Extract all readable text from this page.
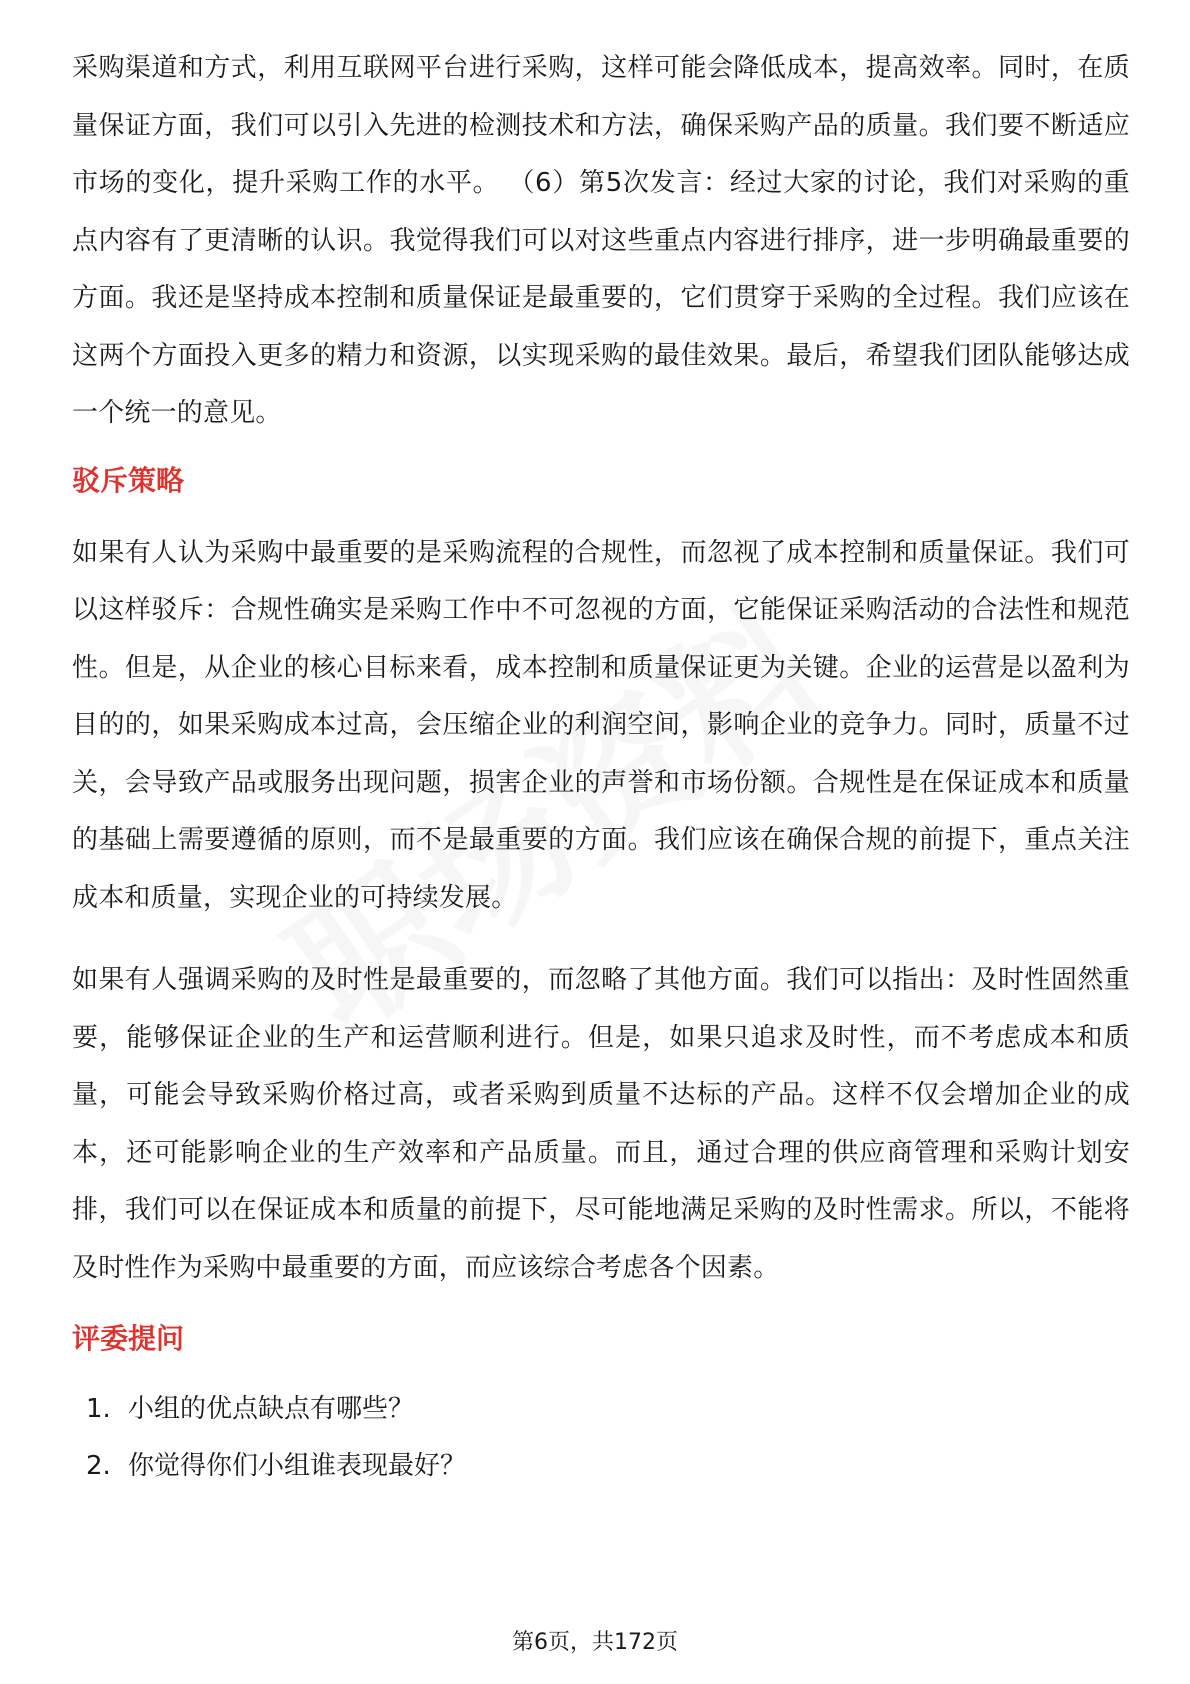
采购渠道和方式，利用互联网平台进行采购，这样可能会降低成本，提高效率。同时，在质量保证方面，我们可以引入先进的检测技术和方法，确保采购产品的质量。我们要不断适应市场的变化，提升采购工作的水平。 （6）第5次发言：经过大家的讨论，我们对采购的重点内容有了更清晰的认识。我觉得我们可以对这些重点内容进行排序，进一步明确最重要的方面。我还是坚持成本控制和质量保证是最重要的，它们贯穿于采购的全过程。我们应该在这两个方面投入更多的精力和资源，以实现采购的最佳效果。最后，希望我们团队能够达成一个统一的意见。

驳斥策略

如果有人认为采购中最重要的是采购流程的合规性，而忽视了成本控制和质量保证。我们可以这样驳斥：合规性确实是采购工作中不可忽视的方面，它能保证采购活动的合法性和规范性。但是，从企业的核心目标来看，成本控制和质量保证更为关键。企业的运营是以盈利为目的的，如果采购成本过高，会压缩企业的利润空间，影响企业的竞争力。同时，质量不过关，会导致产品或服务出现问题，损害企业的声誉和市场份额。合规性是在保证成本和质量的基础上需要遵循的原则，而不是最重要的方面。我们应该在确保合规的前提下，重点关注成本和质量，实现企业的可持续发展。

如果有人强调采购的及时性是最重要的，而忽略了其他方面。我们可以指出：及时性固然重要，能够保证企业的生产和运营顺利进行。但是，如果只追求及时性，而不考虑成本和质量，可能会导致采购价格过高，或者采购到质量不达标的产品。这样不仅会增加企业的成本，还可能影响企业的生产效率和产品质量。而且，通过合理的供应商管理和采购计划安排，我们可以在保证成本和质量的前提下，尽可能地满足采购的及时性需求。所以，不能将及时性作为采购中最重要的方面，而应该综合考虑各个因素。

评委提问
1. 小组的优点缺点有哪些？
2. 你觉得你们小组谁表现最好？
第6页，共172页
